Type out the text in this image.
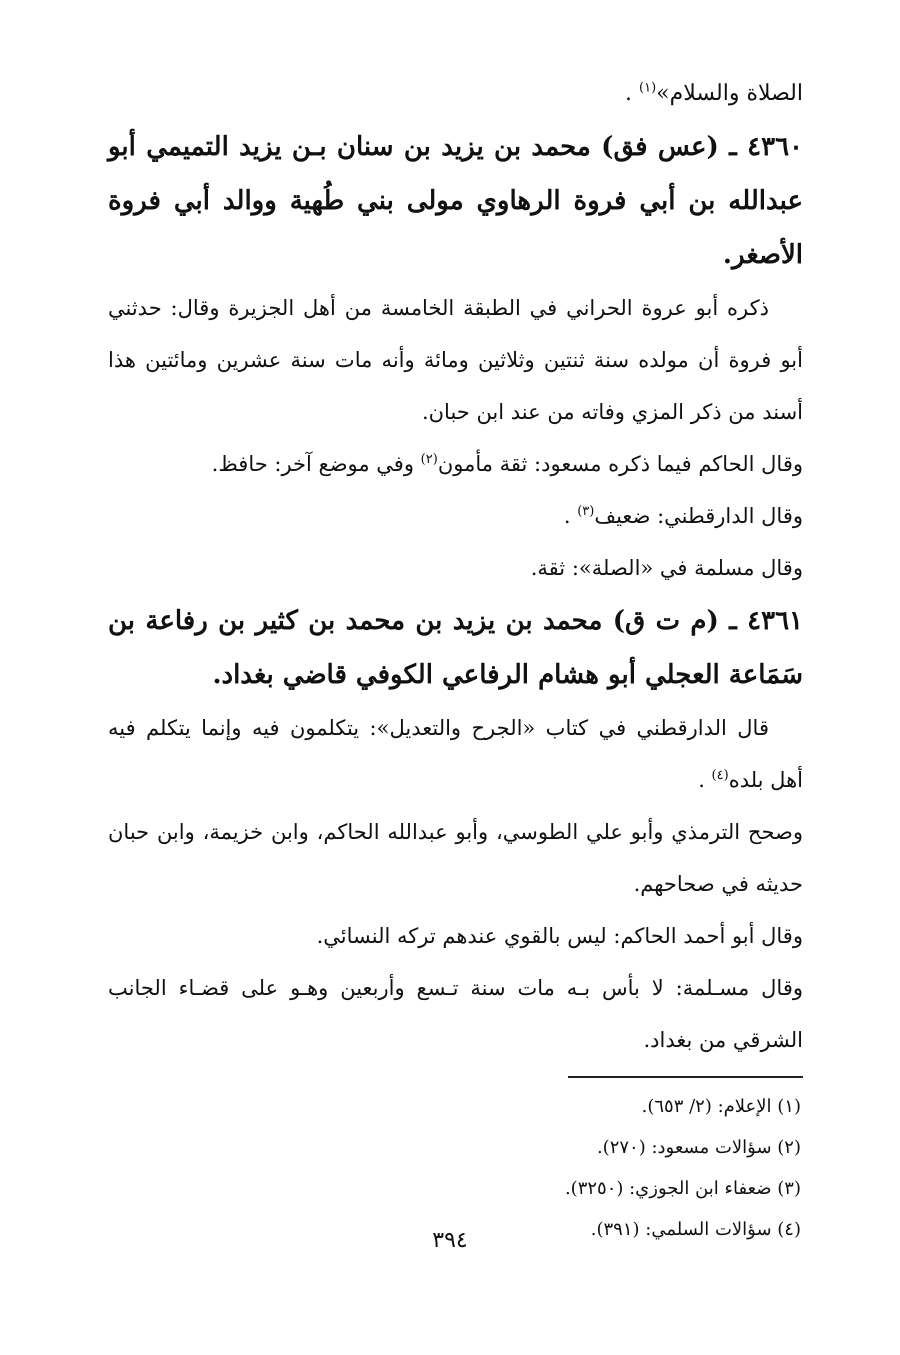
الصلاة والسلام»$^{(١)}$ .

٤٣٦٠ ـ (عس فق) محمد بن يزيد بن سنان بـن يزيد التميمي أبو عبدالله بن أبي فروة الرهاوي مولى بني طُهية ووالد أبي فروة الأصغر.

ذكره أبو عروة الحراني في الطبقة الخامسة من أهل الجزيرة وقال: حدثني أبو فروة أن مولده سنة ثنتين وثلاثين ومائة وأنه مات سنة عشرين ومائتين هذا أسند من ذكر المزي وفاته من عند ابن حبان.

وقال الحاكم فيما ذكره مسعود: ثقة مأمون$^{(٢)}$ وفي موضع آخر: حافظ.

وقال الدارقطني: ضعيف$^{(٣)}$ .

وقال مسلمة في «الصلة»: ثقة.

٤٣٦١ ـ (م ت ق) محمد بن يزيد بن محمد بن كثير بن رفاعة بن سَمَاعة العجلي أبو هشام الرفاعي الكوفي قاضي بغداد.

قال الدارقطني في كتاب «الجرح والتعديل»: يتكلمون فيه وإنما يتكلم فيه أهل بلده$^{(٤)}$ .

وصحح الترمذي وأبو علي الطوسي، وأبو عبدالله الحاكم، وابن خزيمة، وابن حبان حديثه في صحاحهم.

وقال أبو أحمد الحاكم: ليس بالقوي عندهم تركه النسائي.

وقال مسـلمة: لا بأس بـه مات سنة تـسع وأربعين وهـو على قضـاء الجانب الشرقي من بغداد.

(١) الإعلام: (٢/ ٦٥٣).

(٢) سؤالات مسعود: (٢٧٠).

(٣) ضعفاء ابن الجوزي: (٣٢٥٠).

(٤) سؤالات السلمي: (٣٩١).

٣٩٤
